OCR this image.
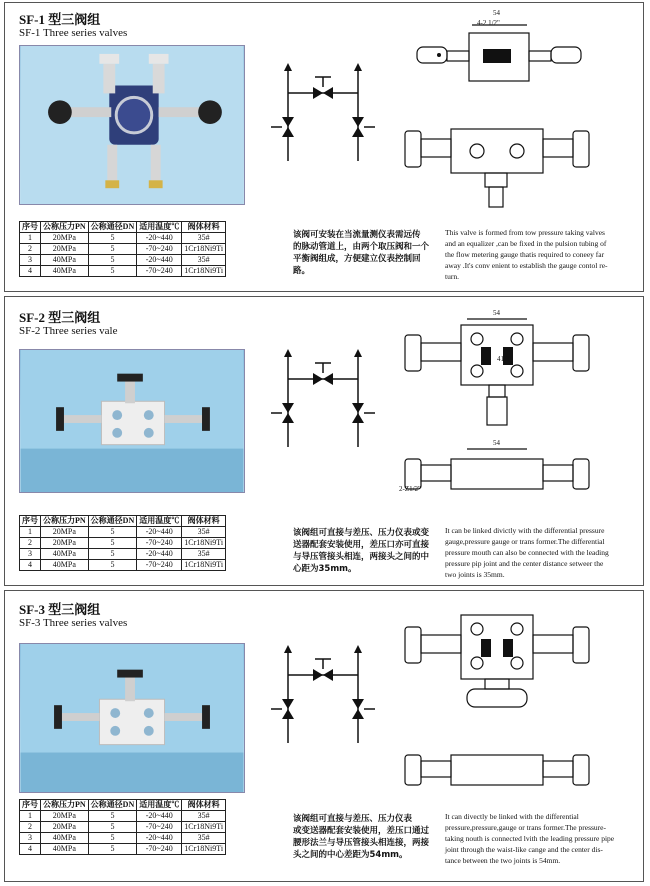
SF-1 型三阀组
SF-1 Three series valves
序号	公称压力PN	公称通径DN	适用温度℃	阀体材料
1	20MPa	5	-20~440	35#
2	20MPa	5	-70~240	1Cr18Ni9Ti
3	40MPa	5	-20~440	35#
4	40MPa	5	-70~240	1Cr18Ni9Ti
54
4-2 1/2"
该阀可安装在当流量测仪表需远传
的脉动管道上，由两个取压阀和一个
平衡阀组成，方便建立仪表控制回
路。
This valve is formed from tow pressure taking valves
and an equalizer ,can be fixed in the pulsion tubing of
the flow metering gauge thatis required to coneey far
away .It's conv enient to establish the gauge contol re-
turn.
SF-2 型三阀组
SF-2 Three series vale
序号	公称压力PN	公称通径DN	适用温度℃	阀体材料
1	20MPa	5	-20~440	35#
2	20MPa	5	-70~240	1Cr18Ni9Ti
3	40MPa	5	-20~440	35#
4	40MPa	5	-70~240	1Cr18Ni9Ti
54
41.3
54
2-Z1/2"
该阀组可直接与差压、压力仪表或变
送器配套安装使用，差压口亦可直接
与导压管接头相连，两接头之间的中
心距为35mm。
It can be linked divictly with the differential pressure
gauge,pressure gauge or trans former.The differential
pressure mouth can also be connected with the leading
pressure pip joint and the center distance setweer the
two joints is 35mm.
SF-3 型三阀组
SF-3 Three series valves
序号	公称压力PN	公称通径DN	适用温度℃	阀体材料
1	20MPa	5	-20~440	35#
2	20MPa	5	-70~240	1Cr18Ni9Ti
3	40MPa	5	-20~440	35#
4	40MPa	5	-70~240	1Cr18Ni9Ti
该阀组可直接与差压、压力仪表
或变送器配套安装使用，差压口通过
腰形法兰与导压管接头相连接，两接
头之间的中心差距为54mm。
It can divectly be linked with the differential
pressure,pressure,gauge or trans former.The pressure-
taking nouth is connected lvith the leading pressure pipe
joint through the waist-like cange and the center dis-
tance between the two joints is 54mm.
